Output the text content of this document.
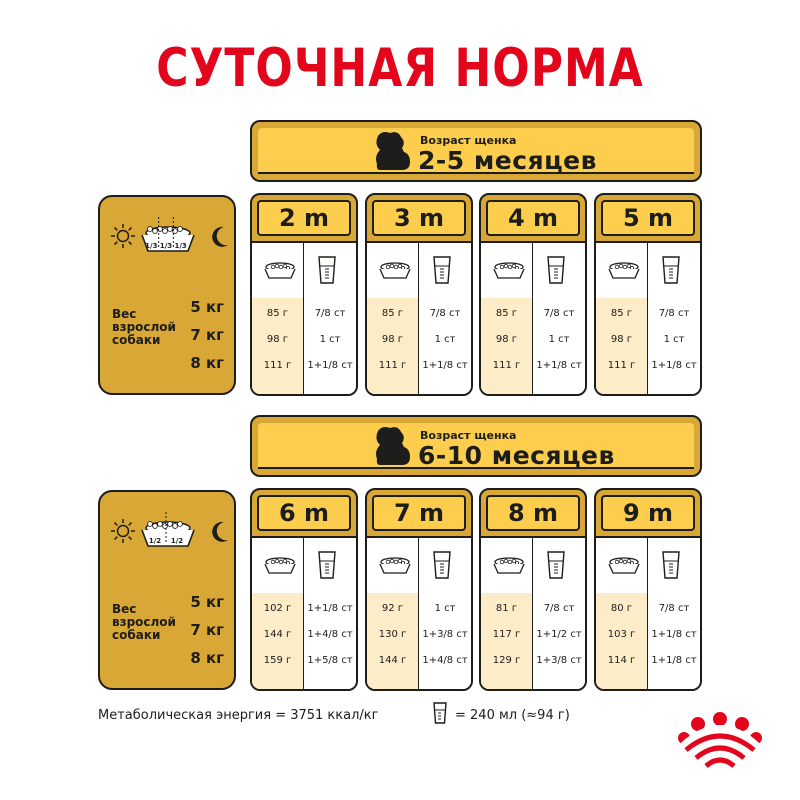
СУТОЧНАЯ НОРМА
Возраст щенка
2-5 месяцев
Вес
взрослой
собаки
5 кг
7 кг
8 кг
1/3 1/3 1/3
2 m
85 г
98 г
111 г
7/8 ст
1 ст
1+1/8 ст
3 m
85 г
98 г
111 г
7/8 ст
1 ст
1+1/8 ст
4 m
85 г
98 г
111 г
7/8 ст
1 ст
1+1/8 ст
5 m
85 г
98 г
111 г
7/8 ст
1 ст
1+1/8 ст
Возраст щенка
6-10 месяцев
Вес
взрослой
собаки
5 кг
7 кг
8 кг
1/2 1/2
6 m
102 г
144 г
159 г
1+1/8 ст
1+4/8 ст
1+5/8 ст
7 m
92 г
130 г
144 г
1 ст
1+3/8 ст
1+4/8 ст
8 m
81 г
117 г
129 г
7/8 ст
1+1/2 ст
1+3/8 ст
9 m
80 г
103 г
114 г
7/8 ст
1+1/8 ст
1+1/8 ст
Метаболическая энергия = 3751 ккал/кг	= 240 мл (≈94 г)
